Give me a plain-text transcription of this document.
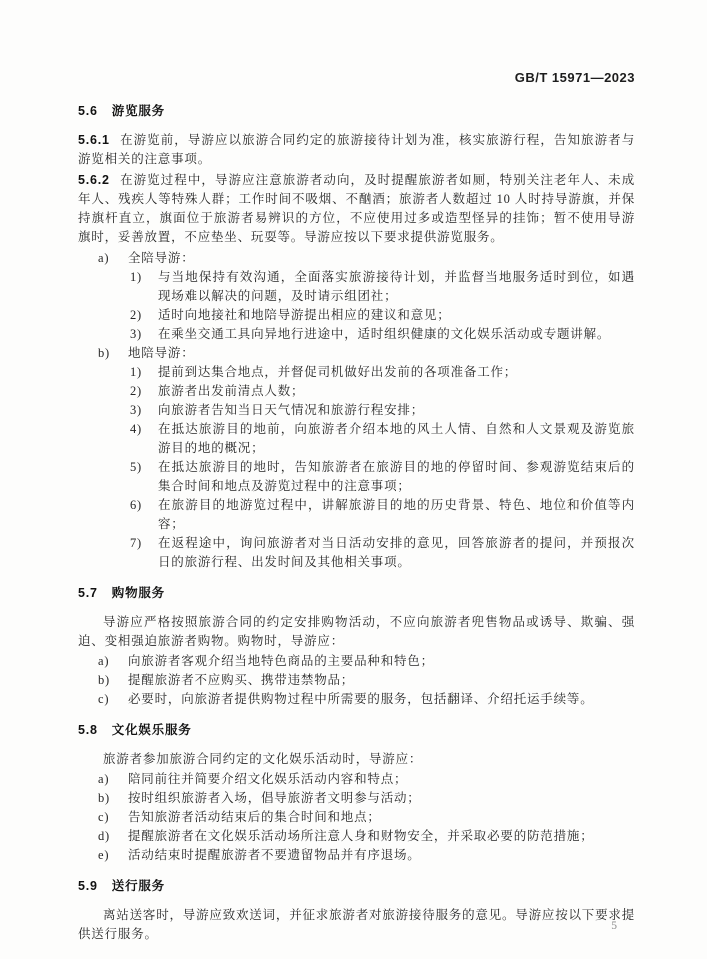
GB/T 15971—2023

5.6 游览服务

5.6.1 在游览前，导游应以旅游合同约定的旅游接待计划为准，核实旅游行程，告知旅游者与游览相关的注意事项。

5.6.2 在游览过程中，导游应注意旅游者动向，及时提醒旅游者如厕，特别关注老年人、未成年人、残疾人等特殊人群；工作时间不吸烟、不酗酒；旅游者人数超过 10 人时持导游旗，并保持旗杆直立，旗面位于旅游者易辨识的方位，不应使用过多或造型怪异的挂饰；暂不使用导游旗时，妥善放置，不应垫坐、玩耍等。导游应按以下要求提供游览服务。

a) 全陪导游：
1) 与当地保持有效沟通，全面落实旅游接待计划，并监督当地服务适时到位，如遇现场难以解决的问题，及时请示组团社；
2) 适时向地接社和地陪导游提出相应的建议和意见；
3) 在乘坐交通工具向异地行进途中，适时组织健康的文化娱乐活动或专题讲解。
b) 地陪导游：
1) 提前到达集合地点，并督促司机做好出发前的各项准备工作；
2) 旅游者出发前清点人数；
3) 向旅游者告知当日天气情况和旅游行程安排；
4) 在抵达旅游目的地前，向旅游者介绍本地的风土人情、自然和人文景观及游览旅游目的地的概况；
5) 在抵达旅游目的地时，告知旅游者在旅游目的地的停留时间、参观游览结束后的集合时间和地点及游览过程中的注意事项；
6) 在旅游目的地游览过程中，讲解旅游目的地的历史背景、特色、地位和价值等内容；
7) 在返程途中，询问旅游者对当日活动安排的意见，回答旅游者的提问，并预报次日的旅游行程、出发时间及其他相关事项。

5.7 购物服务

导游应严格按照旅游合同的约定安排购物活动，不应向旅游者兜售物品或诱导、欺骗、强迫、变相强迫旅游者购物。购物时，导游应：

a) 向旅游者客观介绍当地特色商品的主要品种和特色；
b) 提醒旅游者不应购买、携带违禁物品；
c) 必要时，向旅游者提供购物过程中所需要的服务，包括翻译、介绍托运手续等。

5.8 文化娱乐服务

旅游者参加旅游合同约定的文化娱乐活动时，导游应：

a) 陪同前往并简要介绍文化娱乐活动内容和特点；
b) 按时组织旅游者入场，倡导旅游者文明参与活动；
c) 告知旅游者活动结束后的集合时间和地点；
d) 提醒旅游者在文化娱乐活动场所注意人身和财物安全，并采取必要的防范措施；
e) 活动结束时提醒旅游者不要遗留物品并有序退场。

5.9 送行服务

离站送客时，导游应致欢送词，并征求旅游者对旅游接待服务的意见。导游应按以下要求提供送行服务。

5
